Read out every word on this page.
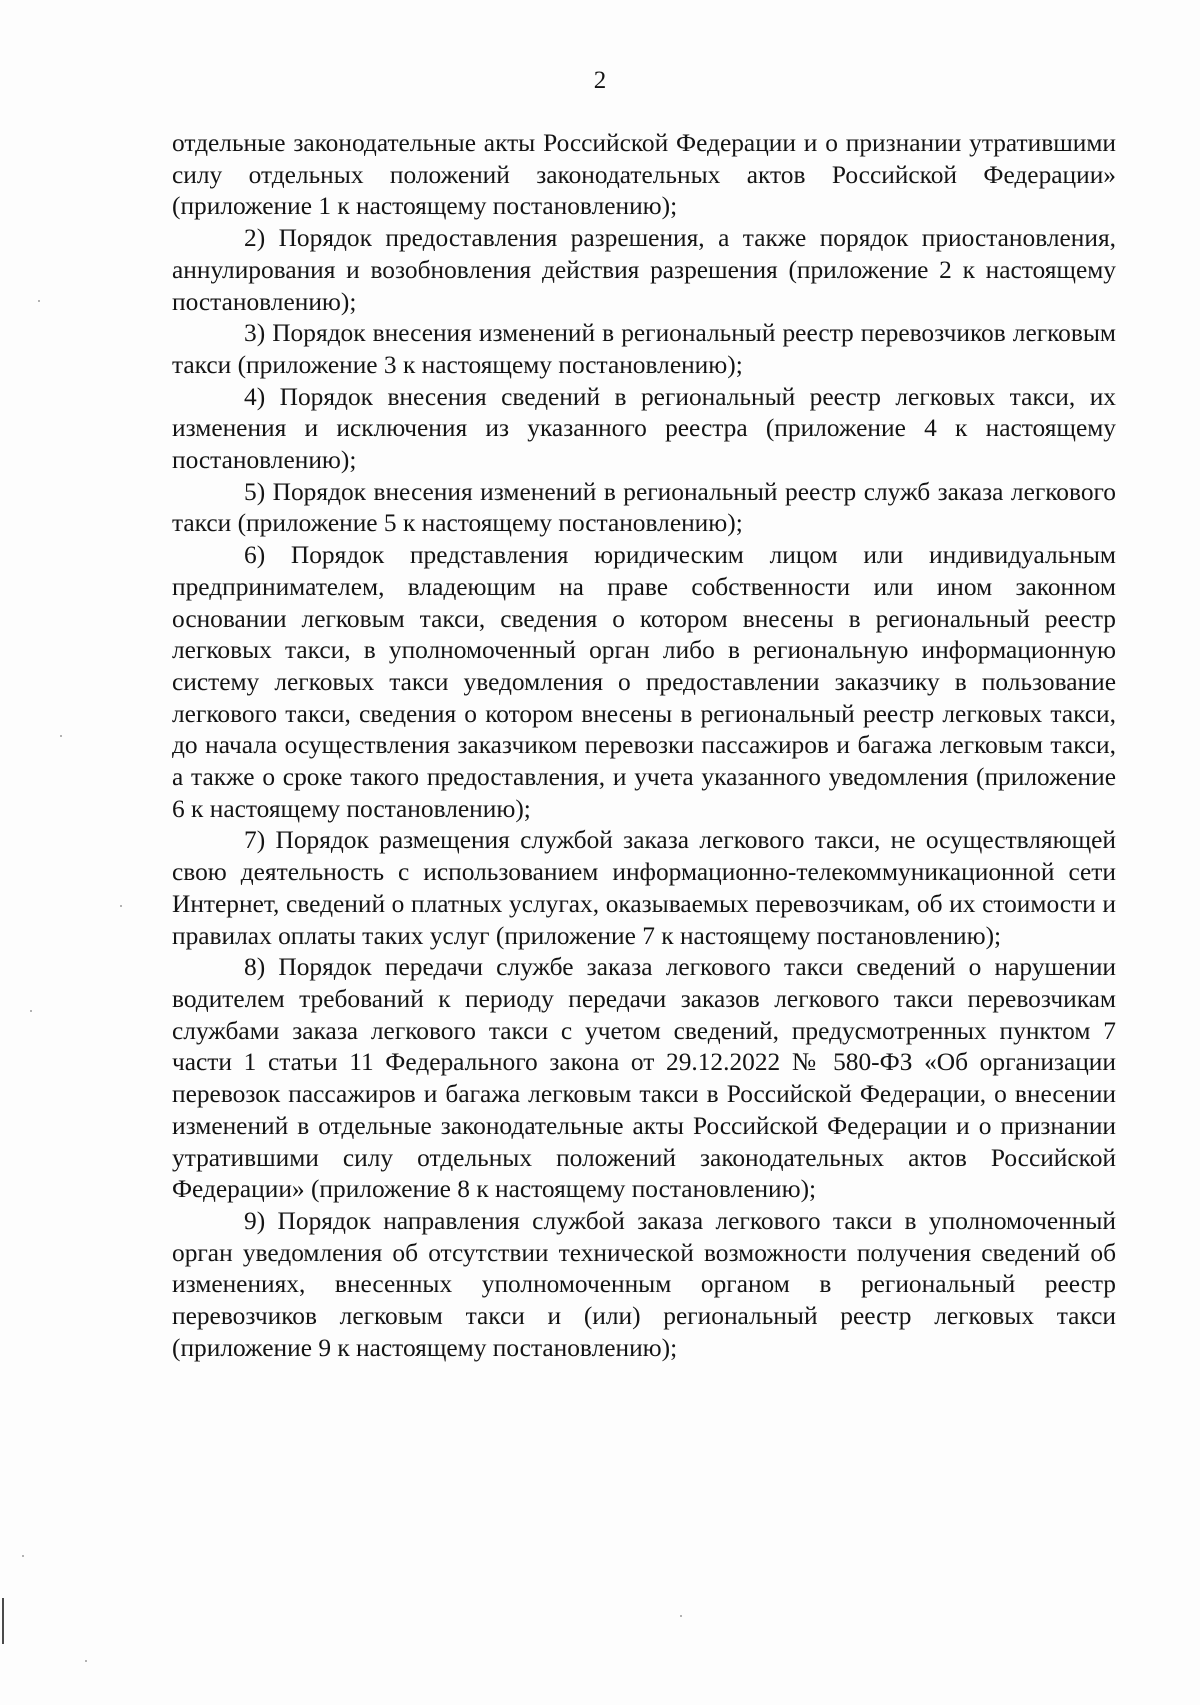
2

отдельные законодательные акты Российской Федерации и о признании утратившими силу отдельных положений законодательных актов Российской Федерации» (приложение 1 к настоящему постановлению);

2) Порядок предоставления разрешения, а также порядок приостановления, аннулирования и возобновления действия разрешения (приложение 2 к настоящему постановлению);

3) Порядок внесения изменений в региональный реестр перевозчиков легковым такси (приложение 3 к настоящему постановлению);

4) Порядок внесения сведений в региональный реестр легковых такси, их изменения и исключения из указанного реестра (приложение 4 к настоящему постановлению);

5) Порядок внесения изменений в региональный реестр служб заказа легкового такси (приложение 5 к настоящему постановлению);

6) Порядок представления юридическим лицом или индивидуальным предпринимателем, владеющим на праве собственности или ином законном основании легковым такси, сведения о котором внесены в региональный реестр легковых такси, в уполномоченный орган либо в региональную информационную систему легковых такси уведомления о предоставлении заказчику в пользование легкового такси, сведения о котором внесены в региональный реестр легковых такси, до начала осуществления заказчиком перевозки пассажиров и багажа легковым такси, а также о сроке такого предоставления, и учета указанного уведомления (приложение 6 к настоящему постановлению);

7) Порядок размещения службой заказа легкового такси, не осуществляющей свою деятельность с использованием информационно-телекоммуникационной сети Интернет, сведений о платных услугах, оказываемых перевозчикам, об их стоимости и правилах оплаты таких услуг (приложение 7 к настоящему постановлению);

8) Порядок передачи службе заказа легкового такси сведений о нарушении водителем требований к периоду передачи заказов легкового такси перевозчикам службами заказа легкового такси с учетом сведений, предусмотренных пунктом 7 части 1 статьи 11 Федерального закона от 29.12.2022 № 580-ФЗ «Об организации перевозок пассажиров и багажа легковым такси в Российской Федерации, о внесении изменений в отдельные законодательные акты Российской Федерации и о признании утратившими силу отдельных положений законодательных актов Российской Федерации» (приложение 8 к настоящему постановлению);

9) Порядок направления службой заказа легкового такси в уполномоченный орган уведомления об отсутствии технической возможности получения сведений об изменениях, внесенных уполномоченным органом в региональный реестр перевозчиков легковым такси и (или) региональный реестр легковых такси (приложение 9 к настоящему постановлению);
